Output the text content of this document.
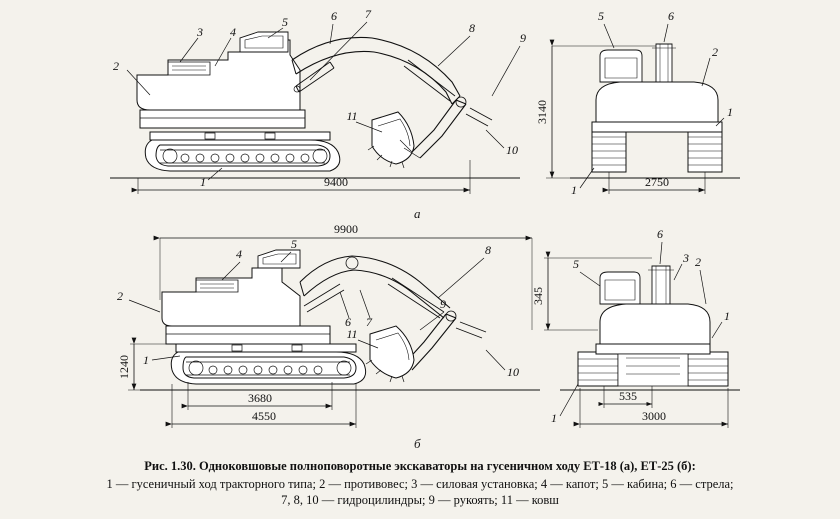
2
3 4
5	6 7
8
9
10
11
1	9400
5	6
2
1
1
3140
2750
2
4
5
6 7
8
9
10
11
1
9900
1240
3680
4550
5
6
3 2
1
1
345
535
3000
а
б
Рис. 1.30. Одноковшовые полноповоротные экскаваторы на гусеничном ходу ЕТ-18 (а), ЕТ-25 (б):
1 — гусеничный ход тракторного типа; 2 — противовес; 3 — силовая установка; 4 — капот; 5 — кабина; 6 — стрела;
7, 8, 10 — гидроцилиндры; 9 — рукоять; 11 — ковш
